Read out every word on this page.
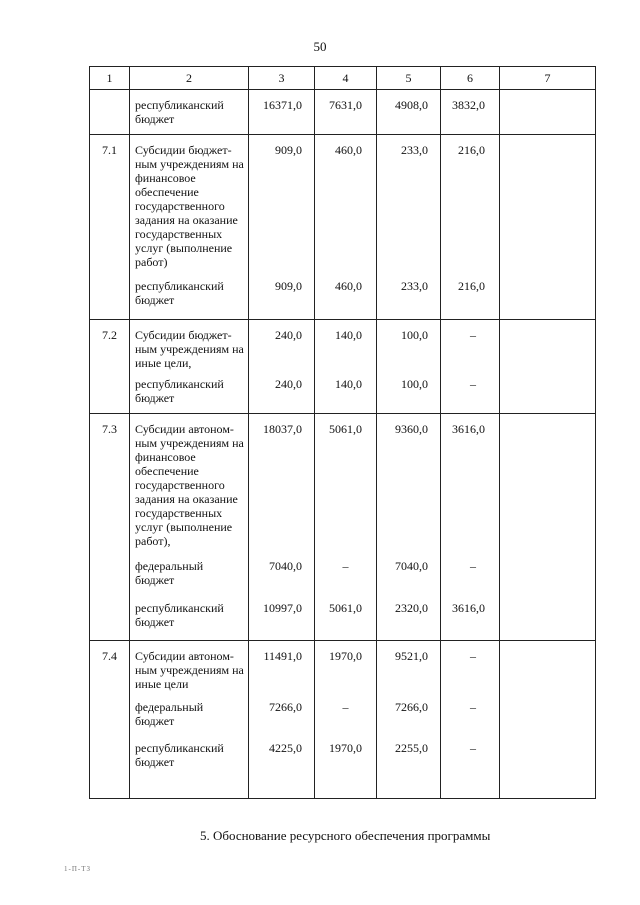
50
1	2	3	4	5	6	7
	республиканский бюджет	16371,0	7631,0	4908,0	3832,0	
7.1	Субсидии бюджет-ным учреждениям на финансовое обеспечение государственного задания на оказание государственных услуг (выполнение работ)	909,0	460,0	233,0	216,0	
	республиканский бюджет	909,0	460,0	233,0	216,0	
7.2	Субсидии бюджет-ным учреждениям на иные цели,	240,0	140,0	100,0	–	
	республиканский бюджет	240,0	140,0	100,0	–	
7.3	Субсидии автоном-ным учреждениям на финансовое обеспечение государственного задания на оказание государственных услуг (выполнение работ),	18037,0	5061,0	9360,0	3616,0	
	федеральный бюджет	7040,0	–	7040,0	–	
	республиканский бюджет	10997,0	5061,0	2320,0	3616,0	
7.4	Субсидии автоном-ным учреждениям на иные цели	11491,0	1970,0	9521,0	–	
	федеральный бюджет	7266,0	–	7266,0	–	
	республиканский бюджет	4225,0	1970,0	2255,0	–	
5. Обоснование ресурсного обеспечения программы
1-П-ТЗ
